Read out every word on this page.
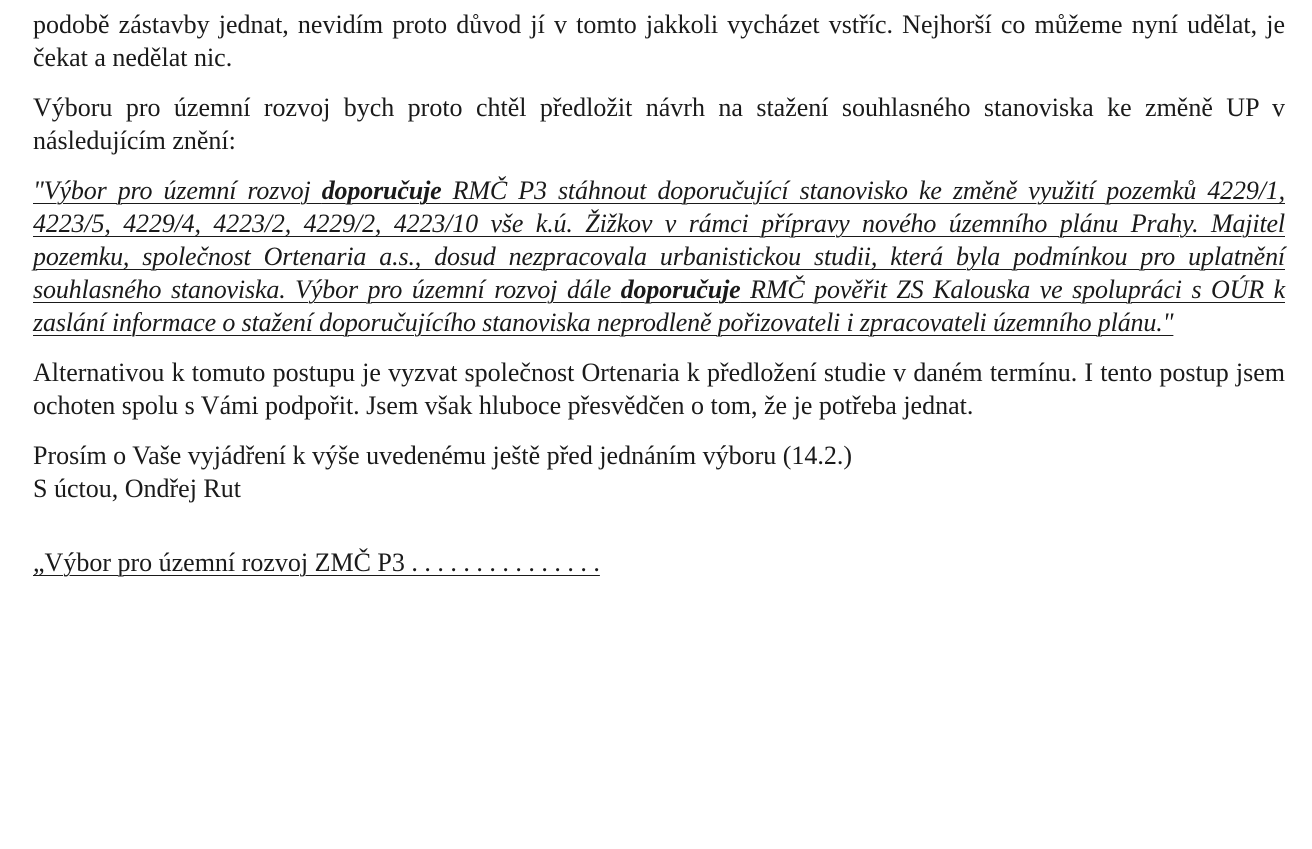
podobě zástavby jednat, nevidím proto důvod jí v tomto jakkoli vycházet vstříc. Nejhorší co můžeme nyní udělat, je čekat a nedělat nic.

Výboru pro územní rozvoj bych proto chtěl předložit návrh na stažení souhlasného stanoviska ke změně UP v následujícím znění:

"Výbor pro územní rozvoj doporučuje RMČ P3 stáhnout doporučující stanovisko ke změně využití pozemků 4229/1, 4223/5, 4229/4, 4223/2, 4229/2, 4223/10 vše k.ú. Žižkov v rámci přípravy nového územního plánu Prahy. Majitel pozemku, společnost Ortenaria a.s., dosud nezpracovala urbanistickou studii, která byla podmínkou pro uplatnění souhlasného stanoviska. Výbor pro územní rozvoj dále doporučuje RMČ pověřit ZS Kalouska ve spolupráci s OÚR k zaslání informace o stažení doporučujícího stanoviska neprodleně pořizovateli i zpracovateli územního plánu."

Alternativou k tomuto postupu je vyzvat společnost Ortenaria k předložení studie v daném termínu. I tento postup jsem ochoten spolu s Vámi podpořit. Jsem však hluboce přesvědčen o tom, že je potřeba jednat.

Prosím o Vaše vyjádření k výše uvedenému ještě před jednáním výboru (14.2.)

S úctou, Ondřej Rut

„Výbor pro územní rozvoj ZMČ P3 . . . . . . . . . . . . . . .
